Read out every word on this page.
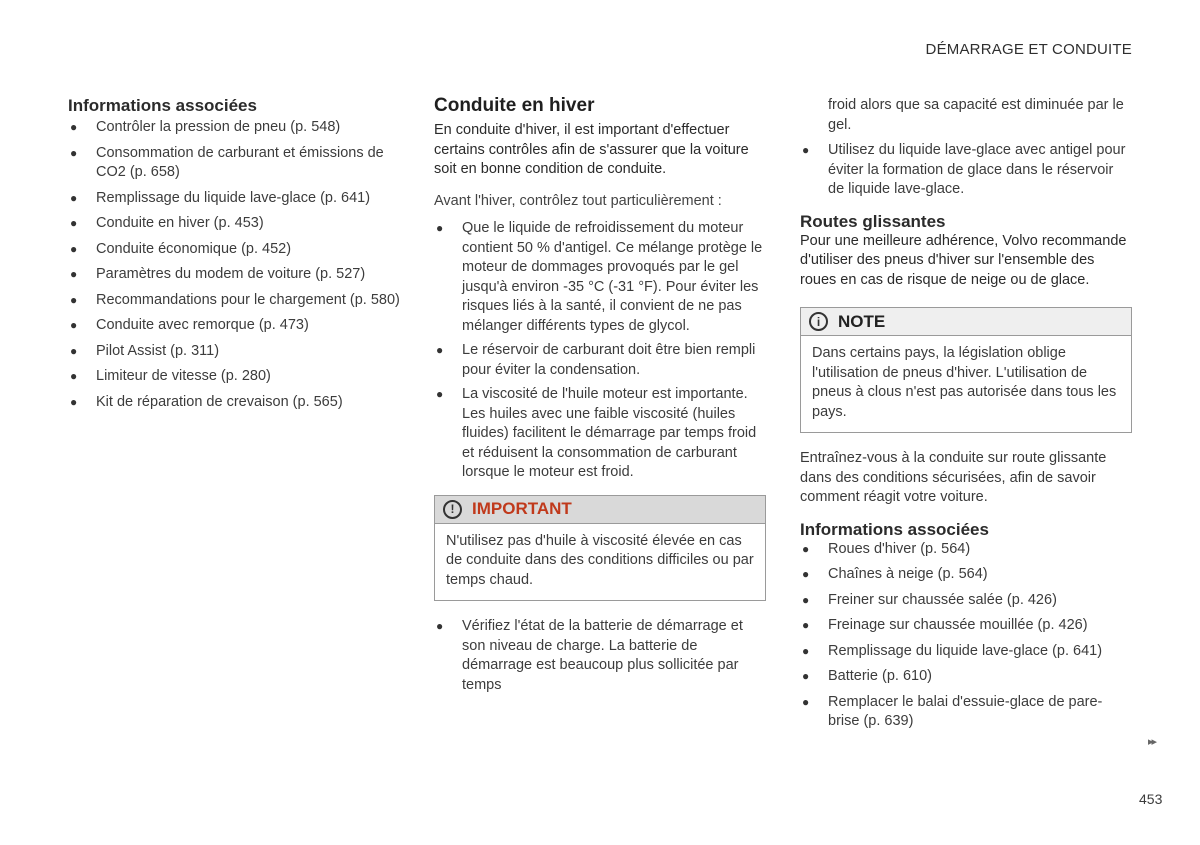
DÉMARRAGE ET CONDUITE
Informations associées
● Contrôler la pression de pneu (p. 548)
● Consommation de carburant et émissions de CO2 (p. 658)
● Remplissage du liquide lave-glace (p. 641)
● Conduite en hiver (p. 453)
● Conduite économique (p. 452)
● Paramètres du modem de voiture (p. 527)
● Recommandations pour le chargement (p. 580)
● Conduite avec remorque (p. 473)
● Pilot Assist (p. 311)
● Limiteur de vitesse (p. 280)
● Kit de réparation de crevaison (p. 565)
Conduite en hiver

En conduite d'hiver, il est important d'effectuer certains contrôles afin de s'assurer que la voiture soit en bonne condition de conduite.

Avant l'hiver, contrôlez tout particulièrement :

● Que le liquide de refroidissement du moteur contient 50 % d'antigel. Ce mélange protège le moteur de dommages provoqués par le gel jusqu'à environ -35 °C (-31 °F). Pour éviter les risques liés à la santé, il convient de ne pas mélanger différents types de glycol.
● Le réservoir de carburant doit être bien rempli pour éviter la condensation.
● La viscosité de l'huile moteur est importante. Les huiles avec une faible viscosité (huiles fluides) facilitent le démarrage par temps froid et réduisent la consommation de carburant lorsque le moteur est froid.
!	IMPORTANT
N'utilisez pas d'huile à viscosité élevée en cas de conduite dans des conditions difficiles ou par temps chaud.
● Vérifiez l'état de la batterie de démarrage et son niveau de charge. La batterie de démarrage est beaucoup plus sollicitée par temps

froid alors que sa capacité est diminuée par le gel.

● Utilisez du liquide lave-glace avec antigel pour éviter la formation de glace dans le réservoir de liquide lave-glace.
Routes glissantes

Pour une meilleure adhérence, Volvo recommande d'utiliser des pneus d'hiver sur l'ensemble des roues en cas de risque de neige ou de glace.

i	NOTE
Dans certains pays, la législation oblige l'utilisation de pneus d'hiver. L'utilisation de pneus à clous n'est pas autorisée dans tous les pays.

Entraînez-vous à la conduite sur route glissante dans des conditions sécurisées, afin de savoir comment réagit votre voiture.

Informations associées
● Roues d'hiver (p. 564)
● Chaînes à neige (p. 564)
● Freiner sur chaussée salée (p. 426)
● Freinage sur chaussée mouillée (p. 426)
● Remplissage du liquide lave-glace (p. 641)
● Batterie (p. 610)
● Remplacer le balai d'essuie-glace de pare-brise (p. 639)
▸▸
453
